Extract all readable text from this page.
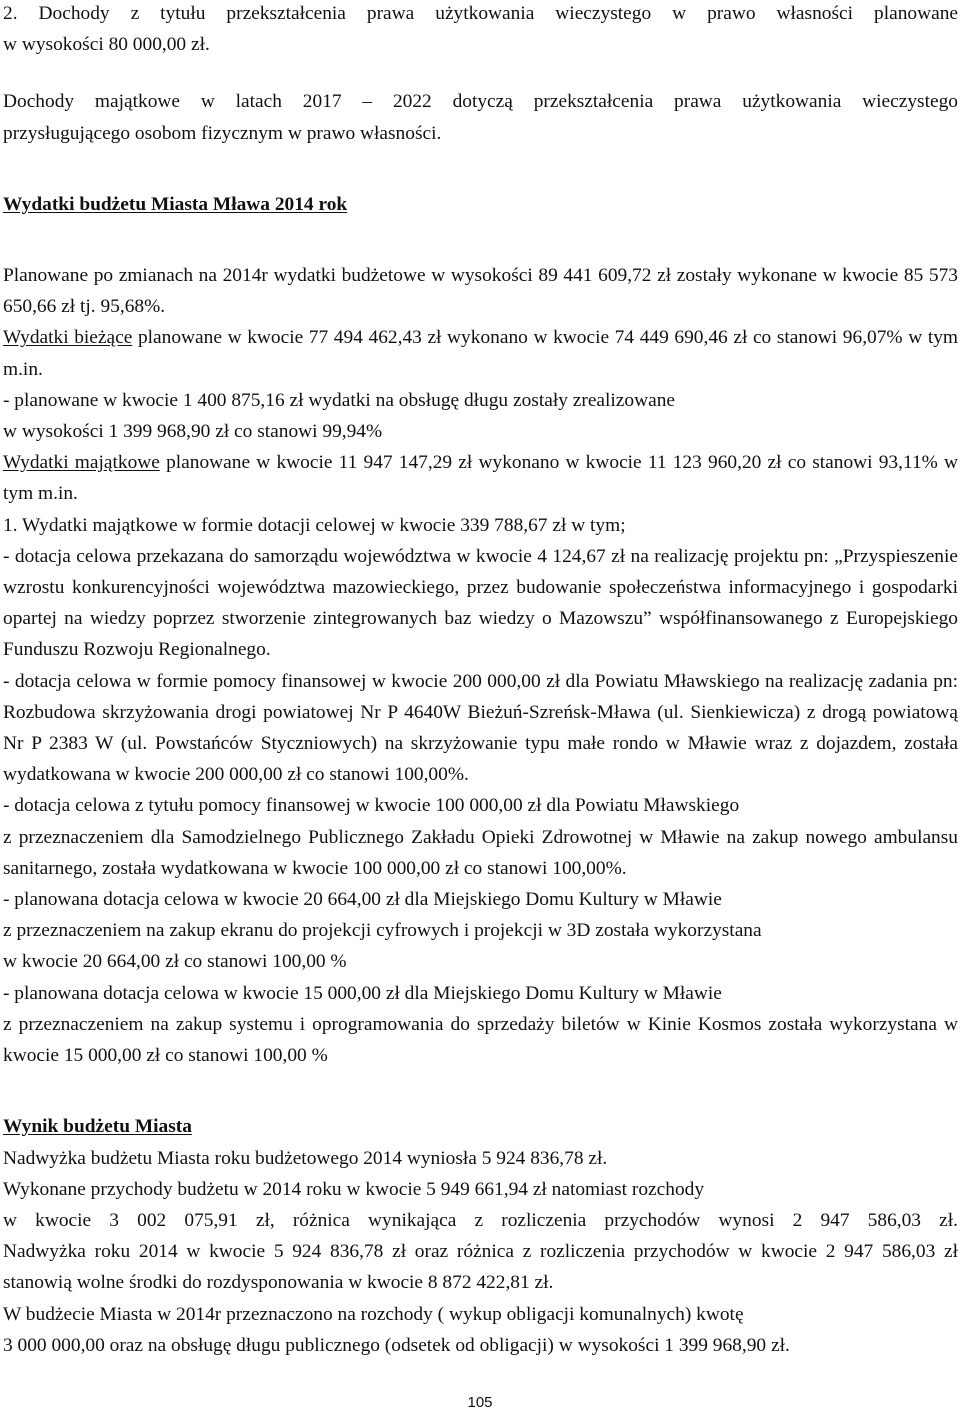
2. Dochody z tytułu przekształcenia prawa użytkowania wieczystego w prawo własności planowane

w wysokości 80 000,00 zł.

Dochody majątkowe w latach 2017 – 2022 dotyczą przekształcenia prawa użytkowania wieczystego

przysługującego osobom fizycznym w prawo własności.

Wydatki budżetu Miasta Mława 2014 rok

Planowane po zmianach na 2014r wydatki budżetowe w wysokości 89 441 609,72 zł zostały wykonane w kwocie 85 573 650,66 zł tj. 95,68%.

Wydatki bieżące planowane w kwocie 77 494 462,43 zł wykonano w kwocie 74 449 690,46 zł co stanowi 96,07% w tym m.in.

- planowane w kwocie 1 400 875,16 zł wydatki na obsługę długu zostały zrealizowane

w wysokości 1 399 968,90 zł co stanowi 99,94%

Wydatki majątkowe planowane w kwocie 11 947 147,29 zł wykonano w kwocie 11 123 960,20 zł co stanowi 93,11% w tym m.in.

1. Wydatki majątkowe w formie dotacji celowej w kwocie 339 788,67 zł w tym;

- dotacja celowa przekazana do samorządu województwa w kwocie 4 124,67 zł na realizację projektu pn: „Przyspieszenie wzrostu konkurencyjności województwa mazowieckiego, przez budowanie społeczeństwa informacyjnego i gospodarki opartej na wiedzy poprzez stworzenie zintegrowanych baz wiedzy o Mazowszu” współfinansowanego z Europejskiego Funduszu Rozwoju Regionalnego.

- dotacja celowa w formie pomocy finansowej w kwocie 200 000,00 zł dla Powiatu Mławskiego na realizację zadania pn: Rozbudowa skrzyżowania drogi powiatowej Nr P 4640W Bieżuń-Szreńsk-Mława (ul. Sienkiewicza) z drogą powiatową Nr P 2383 W (ul. Powstańców Styczniowych) na skrzyżowanie typu małe rondo w Mławie wraz z dojazdem, została wydatkowana w kwocie 200 000,00 zł co stanowi 100,00%.

- dotacja celowa z tytułu pomocy finansowej w kwocie 100 000,00 zł dla Powiatu Mławskiego

z przeznaczeniem dla Samodzielnego Publicznego Zakładu Opieki Zdrowotnej w Mławie na zakup nowego ambulansu sanitarnego, została wydatkowana w kwocie 100 000,00 zł co stanowi 100,00%.

- planowana dotacja celowa w kwocie 20 664,00 zł dla Miejskiego Domu Kultury w Mławie

z przeznaczeniem na zakup ekranu do projekcji cyfrowych i projekcji w 3D została wykorzystana

w kwocie 20 664,00 zł co stanowi 100,00 %

- planowana dotacja celowa w kwocie 15 000,00 zł dla Miejskiego Domu Kultury w Mławie

z przeznaczeniem na zakup systemu i oprogramowania do sprzedaży biletów w Kinie Kosmos została wykorzystana w kwocie 15 000,00 zł co stanowi 100,00 %

Wynik budżetu Miasta

Nadwyżka budżetu Miasta roku budżetowego 2014 wyniosła 5 924 836,78 zł.

Wykonane przychody budżetu w 2014 roku w kwocie 5 949 661,94 zł natomiast rozchody

w kwocie 3 002 075,91 zł, różnica wynikająca z rozliczenia przychodów wynosi 2 947 586,03 zł.

Nadwyżka roku 2014 w kwocie 5 924 836,78 zł oraz różnica z rozliczenia przychodów w kwocie 2 947 586,03 zł stanowią wolne środki do rozdysponowania w kwocie 8 872 422,81 zł.

W budżecie Miasta w 2014r przeznaczono na rozchody ( wykup obligacji komunalnych) kwotę

3 000 000,00 oraz na obsługę długu publicznego (odsetek od obligacji) w wysokości 1 399 968,90 zł.

105
